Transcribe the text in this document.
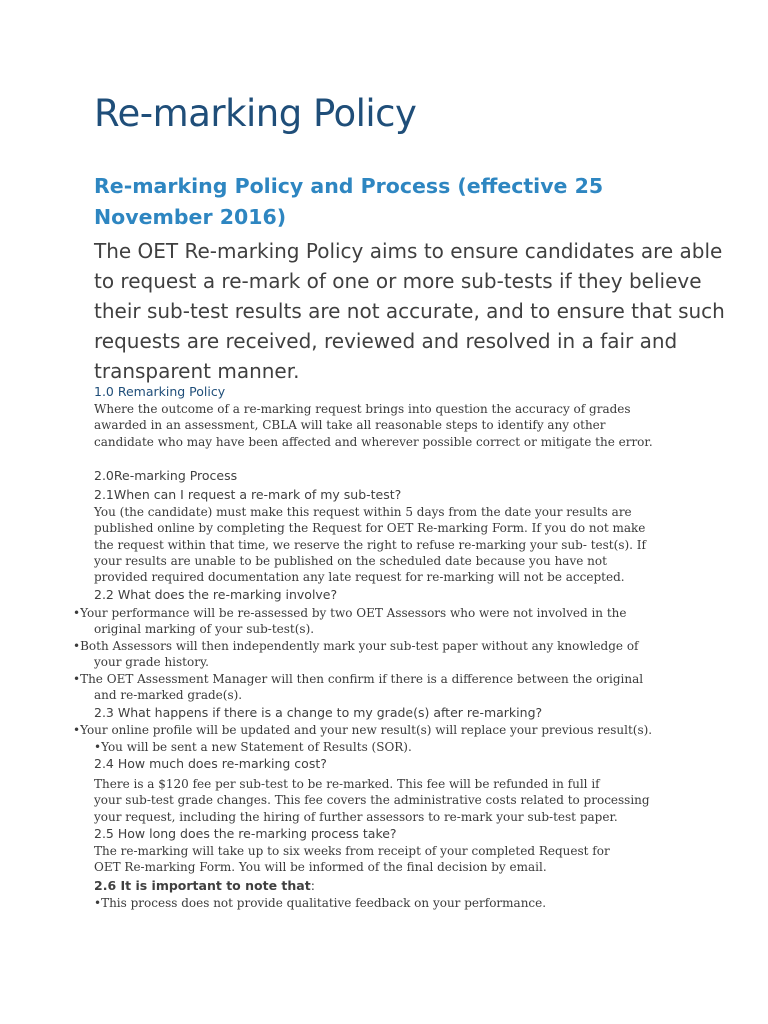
Re-marking Policy
Re-marking Policy and Process (effective 25 November 2016)

The OET Re-marking Policy aims to ensure candidates are able to request a re-mark of one or more sub-tests if they believe their sub-test results are not accurate, and to ensure that such requests are received, reviewed and resolved in a fair and transparent manner.

1.0 Remarking Policy
Where the outcome of a re-marking request brings into question the accuracy of grades
awarded in an assessment, CBLA will take all reasonable steps to identify any other
candidate who may have been affected and wherever possible correct or mitigate the error.
2.0Re-marking Process
2.1When can I request a re-mark of my sub-test?
You (the candidate) must make this request within 5 days from the date your results are
published online by completing the Request for OET Re-marking Form. If you do not make
the request within that time, we reserve the right to refuse re-marking your sub- test(s). If
your results are unable to be published on the scheduled date because you have not
provided required documentation any late request for re-marking will not be accepted.
2.2 What does the re-marking involve?
•Your performance will be re-assessed by two OET Assessors who were not involved in the
original marking of your sub-test(s).
•Both Assessors will then independently mark your sub-test paper without any knowledge of
your grade history.
•The OET Assessment Manager will then confirm if there is a difference between the original
and re-marked grade(s).
2.3 What happens if there is a change to my grade(s) after re-marking?
•Your online profile will be updated and your new result(s) will replace your previous result(s).
•You will be sent a new Statement of Results (SOR).
2.4 How much does re-marking cost?
There is a $120 fee per sub-test to be re-marked. This fee will be refunded in full if
your sub-test grade changes. This fee covers the administrative costs related to processing
your request, including the hiring of further assessors to re-mark your sub-test paper.
2.5 How long does the re-marking process take?
The re-marking will take up to six weeks from receipt of your completed Request for
OET Re-marking Form. You will be informed of the final decision by email.
2.6 It is important to note that:
•This process does not provide qualitative feedback on your performance.
